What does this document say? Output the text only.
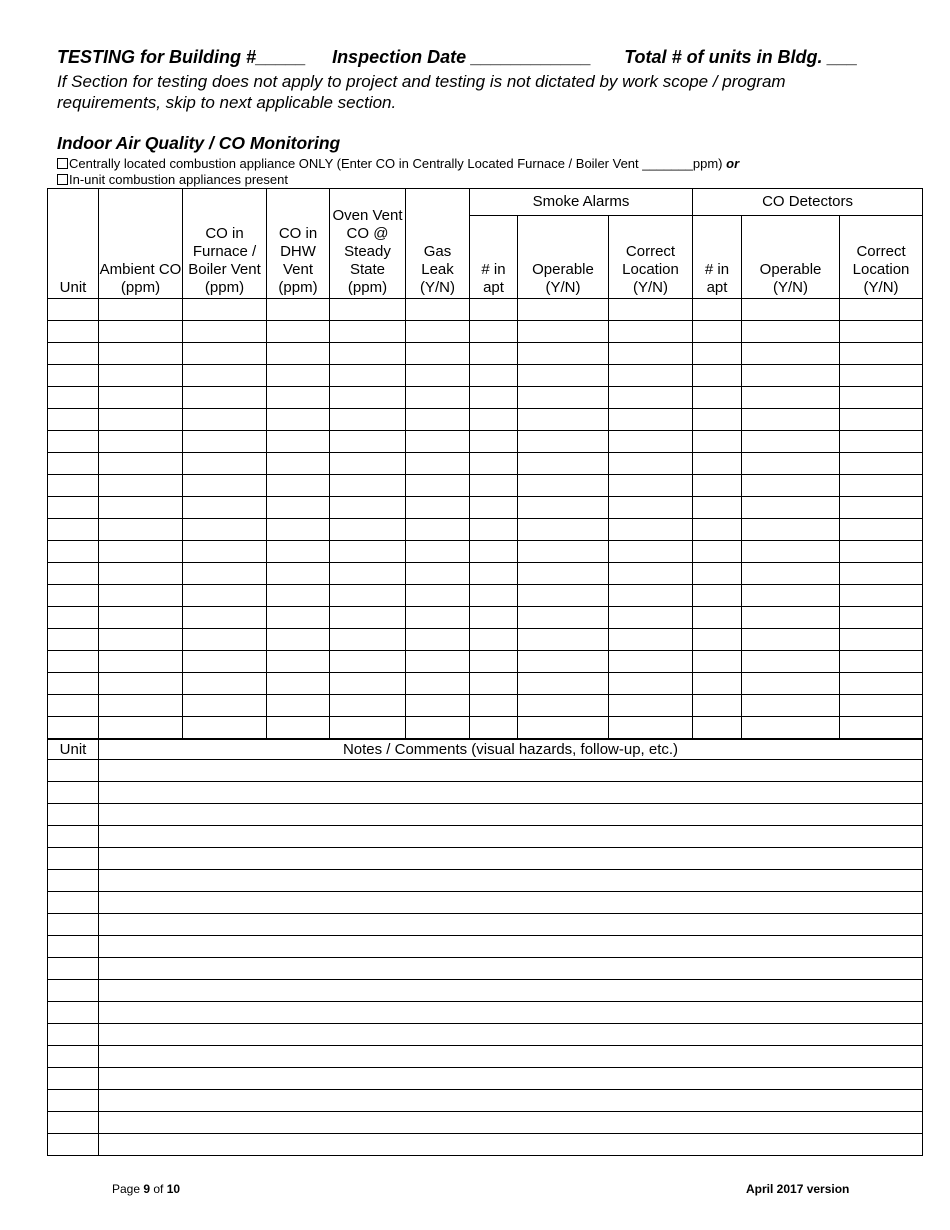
TESTING for Building #_____ Inspection Date ____________ Total # of units in Bldg. ___
If Section for testing does not apply to project and testing is not dictated by work scope / program requirements, skip to next applicable section.
Indoor Air Quality / CO Monitoring
Centrally located combustion appliance ONLY (Enter CO in Centrally Located Furnace / Boiler Vent _______ppm) or
In-unit combustion appliances present
Unit	Ambient CO (ppm)	CO in Furnace / Boiler Vent (ppm)	CO in DHW Vent (ppm)	Oven Vent CO @ Steady State (ppm)	Gas Leak (Y/N)	Smoke Alarms			CO Detectors		
						# in apt	Operable (Y/N)	Correct Location (Y/N)	# in apt	Operable (Y/N)	Correct Location (Y/N)

Unit	Notes / Comments (visual hazards, follow-up, etc.)

Page 9 of 10	April 2017 version
